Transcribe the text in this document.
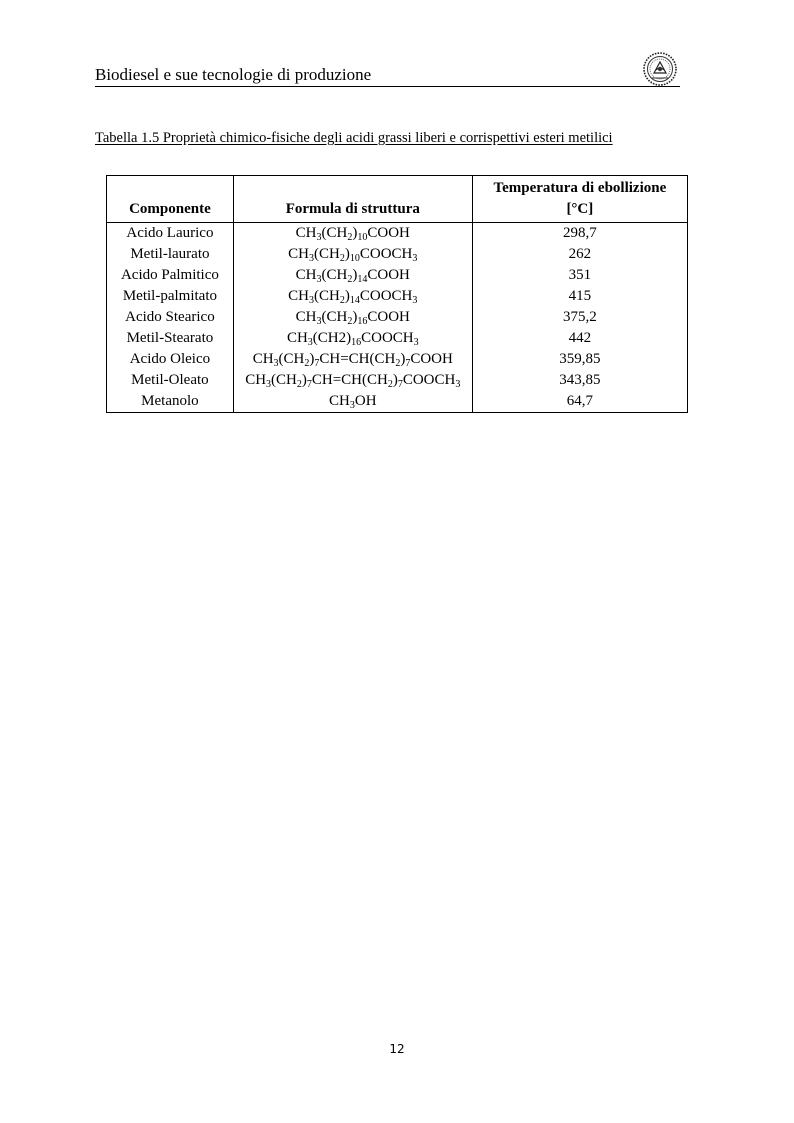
Biodiesel e sue tecnologie di produzione
Tabella 1.5 Proprietà chimico-fisiche degli acidi grassi liberi e corrispettivi esteri metilici
Componente	Formula di struttura	Temperatura di ebollizione
[°C]
Acido Laurico	$CH_3(CH_2)_{10}COOH$	298,7
Metil-laurato	$CH_3(CH_2)_{10}COOCH_3$	262
Acido Palmitico	$CH_3(CH_2)_{14}COOH$	351
Metil-palmitato	$CH_3(CH_2)_{14}COOCH_3$	415
Acido Stearico	$CH_3(CH_2)_{16}COOH$	375,2
Metil-Stearato	$CH_3(CH2)_{16}COOCH_3$	442
Acido Oleico	$CH_3(CH_2)_7CH=CH(CH_2)_7COOH$	359,85
Metil-Oleato	$CH_3(CH_2)_7CH=CH(CH_2)_7COOCH_3$	343,85
Metanolo	$CH_3OH$	64,7
12
